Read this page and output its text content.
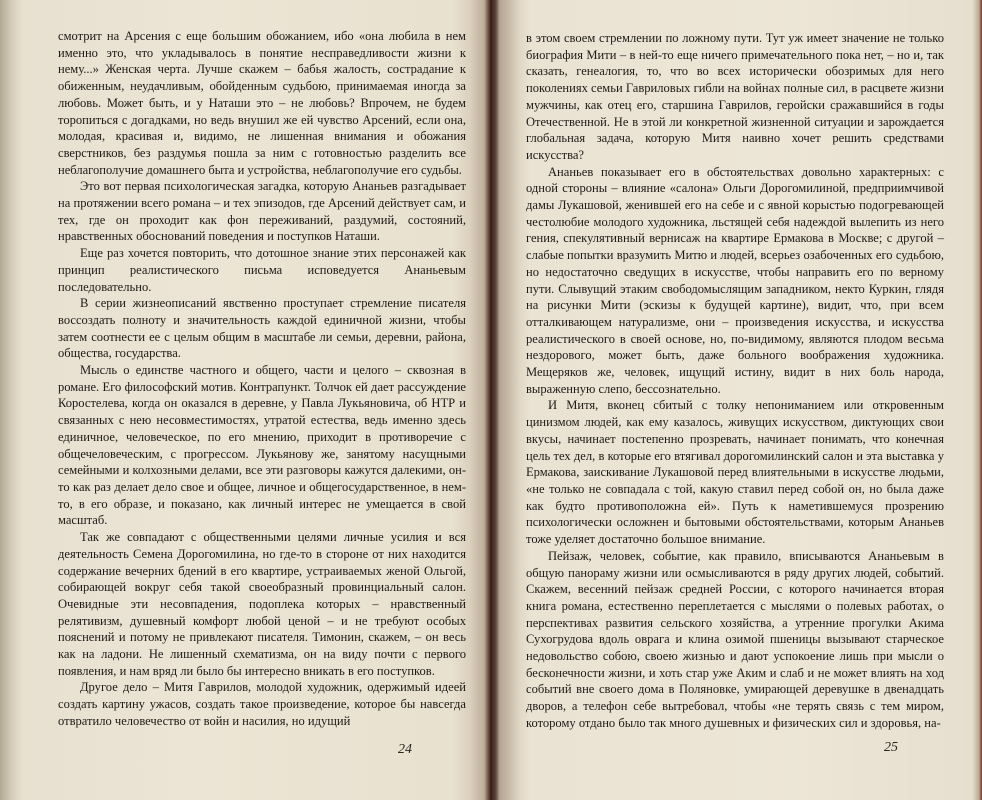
смотрит на Арсения с еще большим обожанием, ибо «она любила в нем именно это, что укладывалось в понятие несправедливости жизни к нему...» Женская черта. Лучше скажем – бабья жалость, сострадание к обиженным, неудачливым, обойденным судьбою, принимаемая иногда за любовь. Может быть, и у Наташи это – не любовь? Впрочем, не будем торопиться с догадками, но ведь внушил же ей чувство Арсений, если она, молодая, красивая и, видимо, не лишенная внимания и обожания сверстников, без раздумья пошла за ним с готовностью разделить все неблагополучие домашнего быта и устройства, неблагополучие его судьбы.

Это вот первая психологическая загадка, которую Ананьев разгадывает на протяжении всего романа – и тех эпизодов, где Арсений действует сам, и тех, где он проходит как фон переживаний, раздумий, состояний, нравственных обоснований поведения и поступков Наташи.

Еще раз хочется повторить, что дотошное знание этих персонажей как принцип реалистического письма исповедуется Ананьевым последовательно.

В серии жизнеописаний явственно проступает стремление писателя воссоздать полноту и значительность каждой единичной жизни, чтобы затем соотнести ее с целым общим в масштабе ли семьи, деревни, района, общества, государства.

Мысль о единстве частного и общего, части и целого – сквозная в романе. Его философский мотив. Контрапункт. Толчок ей дает рассуждение Коростелева, когда он оказался в деревне, у Павла Лукьяновича, об НТР и связанных с нею несовместимостях, утратой естества, ведь именно здесь единичное, человеческое, по его мнению, приходит в противоречие с общечеловеческим, с прогрессом. Лукьянову же, занятому насущными семейными и колхозными делами, все эти разговоры кажутся далекими, он-то как раз делает дело свое и общее, личное и общегосударственное, в нем-то, в его образе, и показано, как личный интерес не умещается в свой масштаб.

Так же совпадают с общественными целями личные усилия и вся деятельность Семена Дорогомилина, но где-то в стороне от них находится содержание вечерних бдений в его квартире, устраиваемых женой Ольгой, собирающей вокруг себя такой своеобразный провинциальный салон. Очевидные эти несовпадения, подоплека которых – нравственный релятивизм, душевный комфорт любой ценой – и не требуют особых пояснений и потому не привлекают писателя. Тимонин, скажем, – он весь как на ладони. Не лишенный схематизма, он на виду почти с первого появления, и нам вряд ли было бы интересно вникать в его поступков.

Другое дело – Митя Гаврилов, молодой художник, одержимый идеей создать картину ужасов, создать такое произведение, которое бы навсегда отвратило человечество от войн и насилия, но идущий

24

в этом своем стремлении по ложному пути. Тут уж имеет значение не только биография Мити – в ней-то еще ничего примечательного пока нет, – но и, так сказать, генеалогия, то, что во всех исторически обозримых для него поколениях семьи Гавриловых гибли на войнах полные сил, в расцвете жизни мужчины, как отец его, старшина Гаврилов, геройски сражавшийся в годы Отечественной. Не в этой ли конкретной жизненной ситуации и зарождается глобальная задача, которую Митя наивно хочет решить средствами искусства?

Ананьев показывает его в обстоятельствах довольно характерных: с одной стороны – влияние «салона» Ольги Дорогомилиной, предприимчивой дамы Лукашовой, женившей его на себе и с явной корыстью подогревающей честолюбие молодого художника, льстящей себя надеждой вылепить из него гения, спекулятивный вернисаж на квартире Ермакова в Москве; с другой – слабые попытки вразумить Митю и людей, всерьез озабоченных его судьбою, но недостаточно сведущих в искусстве, чтобы направить его по верному пути. Слывущий этаким свободомыслящим западником, некто Куркин, глядя на рисунки Мити (эскизы к будущей картине), видит, что, при всем отталкивающем натурализме, они – произведения искусства, и искусства реалистического в своей основе, но, по-видимому, являются плодом весьма нездорового, может быть, даже больного воображения художника. Мещеряков же, человек, ищущий истину, видит в них боль народа, выраженную слепо, бессознательно.

И Митя, вконец сбитый с толку непониманием или откровенным цинизмом людей, как ему казалось, живущих искусством, диктующих свои вкусы, начинает постепенно прозревать, начинает понимать, что конечная цель тех дел, в которые его втягивал дорогомилинский салон и эта выставка у Ермакова, заискивание Лукашовой перед влиятельными в искусстве людьми, «не только не совпадала с той, какую ставил перед собой он, но была даже как будто противоположна ей». Путь к наметившемуся прозрению психологически осложнен и бытовыми обстоятельствами, которым Ананьев тоже уделяет достаточно большое внимание.

Пейзаж, человек, событие, как правило, вписываются Ананьевым в общую панораму жизни или осмысливаются в ряду других людей, событий. Скажем, весенний пейзаж средней России, с которого начинается вторая книга романа, естественно переплетается с мыслями о полевых работах, о перспективах развития сельского хозяйства, а утренние прогулки Акима Сухогрудова вдоль оврага и клина озимой пшеницы вызывают старческое недовольство собою, своею жизнью и дают успокоение лишь при мысли о бесконечности жизни, и хоть стар уже Аким и слаб и не может влиять на ход событий вне своего дома в Поляновке, умирающей деревушке в двенадцать дворов, а телефон себе вытребовал, чтобы «не терять связь с тем миром, которому отдано было так много душевных и физических сил и здоровья, на-

25
